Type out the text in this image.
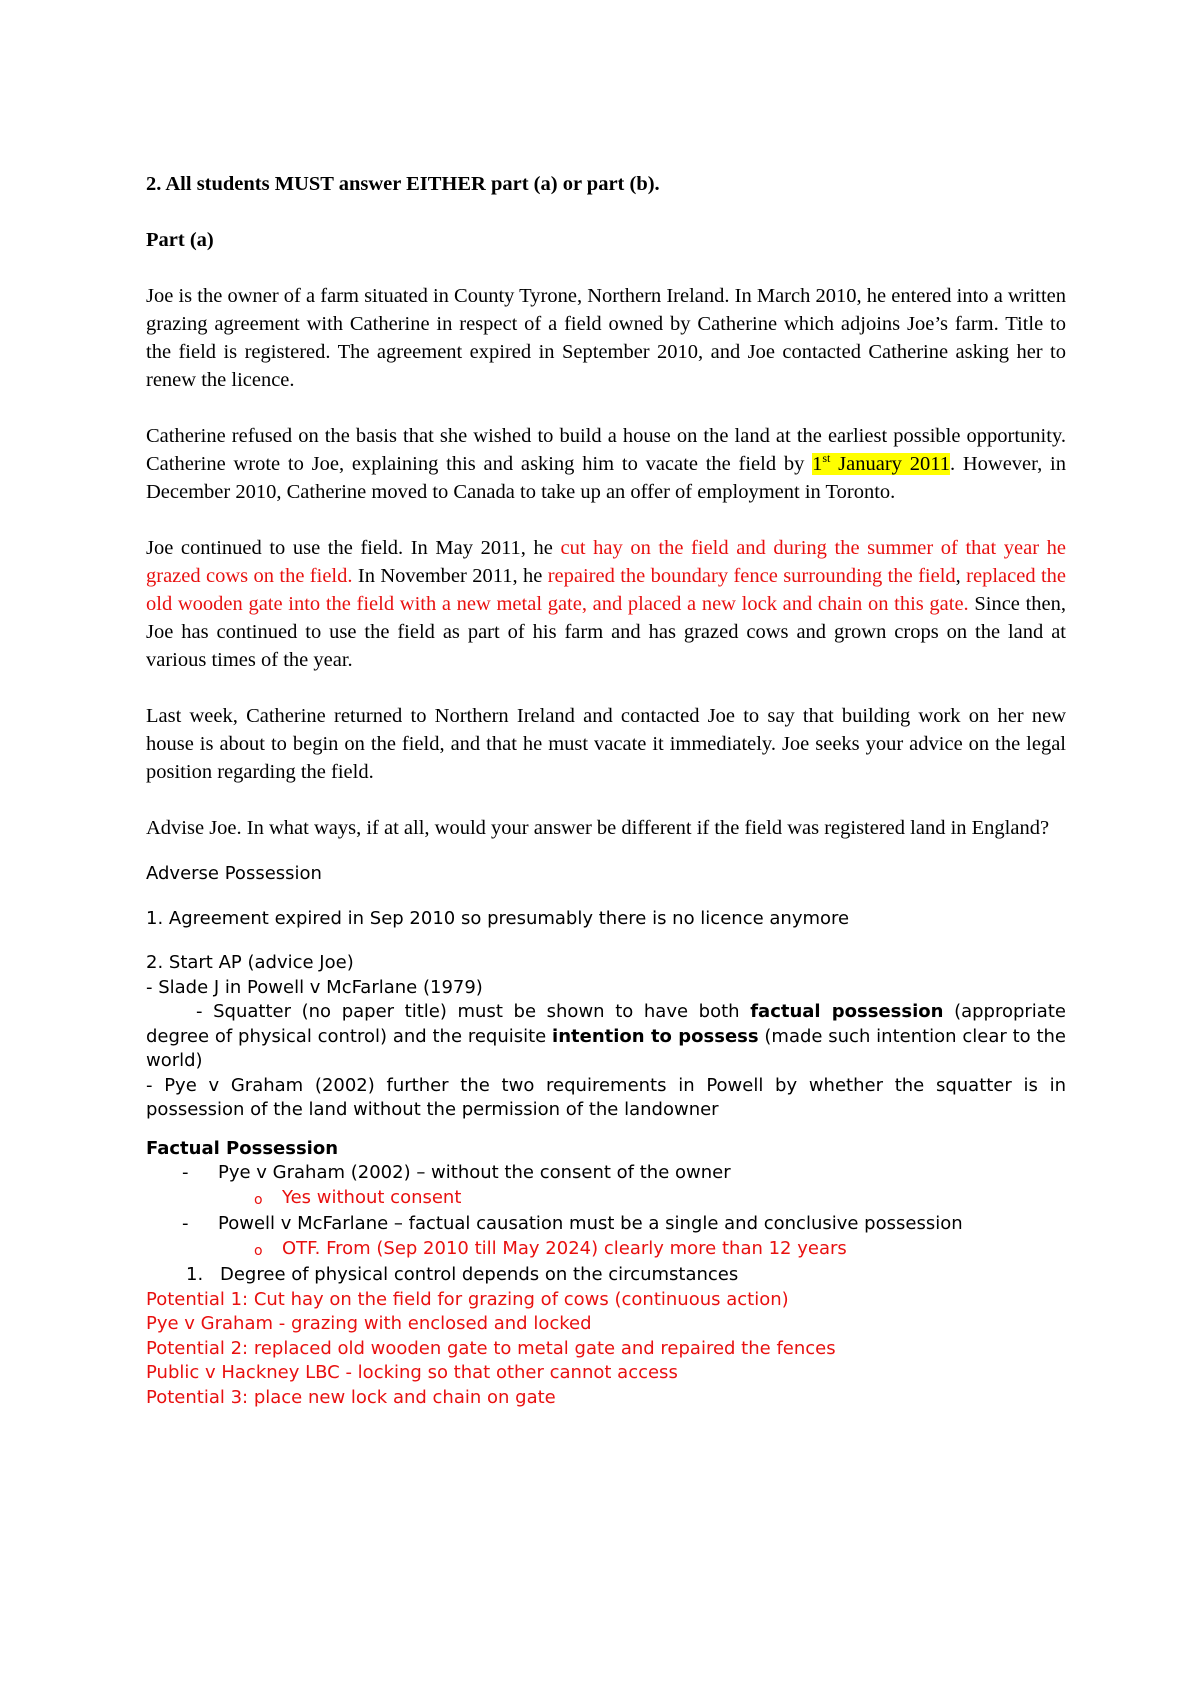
2. All students MUST answer EITHER part (a) or part (b).

Part (a)

Joe is the owner of a farm situated in County Tyrone, Northern Ireland. In March 2010, he entered into a written grazing agreement with Catherine in respect of a field owned by Catherine which adjoins Joe’s farm. Title to the field is registered. The agreement expired in September 2010, and Joe contacted Catherine asking her to renew the licence.

Catherine refused on the basis that she wished to build a house on the land at the earliest possible opportunity. Catherine wrote to Joe, explaining this and asking him to vacate the field by 1st January 2011. However, in December 2010, Catherine moved to Canada to take up an offer of employment in Toronto.

Joe continued to use the field. In May 2011, he cut hay on the field and during the summer of that year he grazed cows on the field. In November 2011, he repaired the boundary fence surrounding the field, replaced the old wooden gate into the field with a new metal gate, and placed a new lock and chain on this gate. Since then, Joe has continued to use the field as part of his farm and has grazed cows and grown crops on the land at various times of the year.

Last week, Catherine returned to Northern Ireland and contacted Joe to say that building work on her new house is about to begin on the field, and that he must vacate it immediately. Joe seeks your advice on the legal position regarding the field.

Advise Joe. In what ways, if at all, would your answer be different if the field was registered land in England?

Adverse Possession

1. Agreement expired in Sep 2010 so presumably there is no licence anymore

2. Start AP (advice Joe)

- Slade J in Powell v McFarlane (1979)

- Squatter (no paper title) must be shown to have both factual possession (appropriate degree of physical control) and the requisite intention to possess (made such intention clear to the world)

- Pye v Graham (2002) further the two requirements in Powell by whether the squatter is in possession of the land without the permission of the landowner

Factual Possession

-	Pye v Graham (2002) – without the consent of the owner
o	Yes without consent
-	Powell v McFarlane – factual causation must be a single and conclusive possession
o	OTF. From (Sep 2010 till May 2024) clearly more than 12 years
1. Degree of physical control depends on the circumstances

Potential 1: Cut hay on the field for grazing of cows (continuous action)

Pye v Graham - grazing with enclosed and locked

Potential 2: replaced old wooden gate to metal gate and repaired the fences

Public v Hackney LBC - locking so that other cannot access

Potential 3: place new lock and chain on gate
